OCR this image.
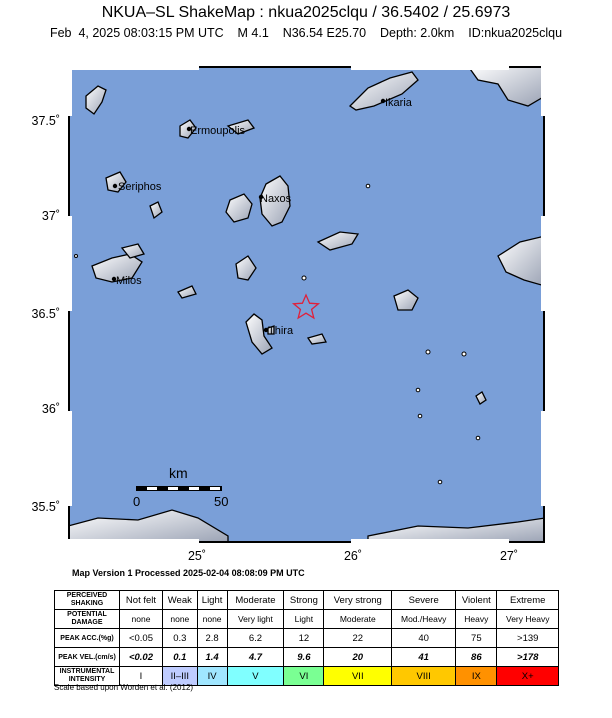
NKUA–SL ShakeMap : nkua2025clqu / 36.5402 / 25.6973
Feb  4, 2025 08:03:15 PM UTC    M 4.1    N36.54 E25.70    Depth: 2.0km    ID:nkua2025clqu
37.5˚
37˚
36.5˚
36˚
35.5˚
Ikaria
Ermoupolis
Seriphos
Naxos
Milos
Thira
km
0	50
25˚	26˚	27˚
Map Version 1 Processed 2025-02-04 08:08:09 PM UTC
PERCEIVED SHAKING	Not felt	Weak	Light	Moderate	Strong	Very strong	Severe	Violent	Extreme
POTENTIAL DAMAGE	none	none	none	Very light	Light	Moderate	Mod./Heavy	Heavy	Very Heavy
PEAK ACC.(%g)	<0.05	0.3	2.8	6.2	12	22	40	75	>139
PEAK VEL.(cm/s)	<0.02	0.1	1.4	4.7	9.6	20	41	86	>178
INSTRUMENTAL INTENSITY	I	II–III	IV	V	VI	VII	VIII	IX	X+
Scale based upon Worden et al. (2012)
